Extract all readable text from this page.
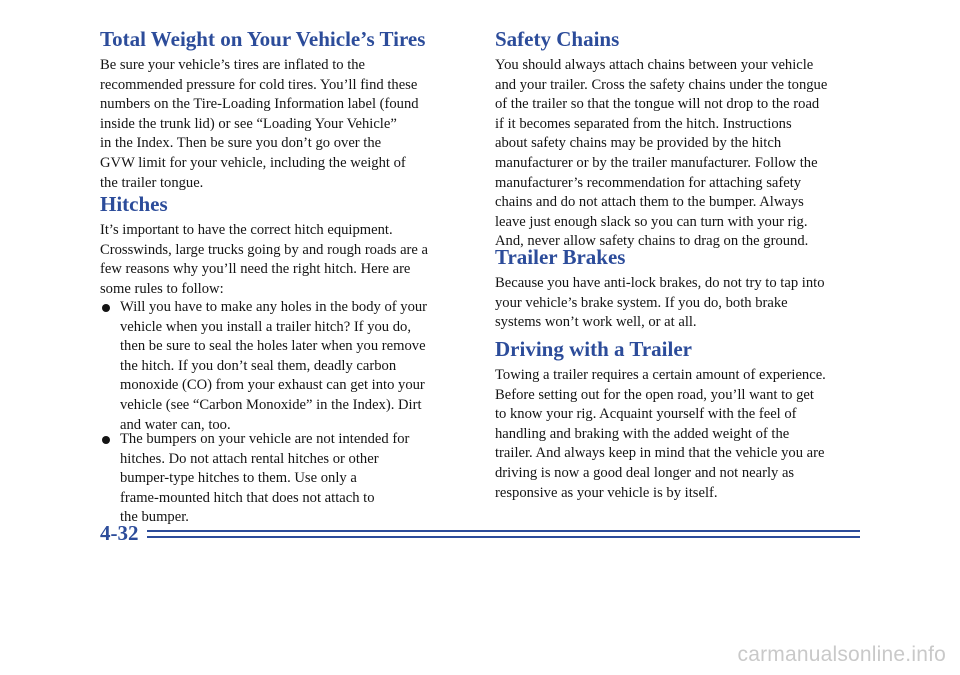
Total Weight on Your Vehicle’s Tires

Be sure your vehicle’s tires are inflated to the

recommended pressure for cold tires. You’ll find these

numbers on the Tire-Loading Information label (found

inside the trunk lid) or see “Loading Your Vehicle”

in the Index. Then be sure you don’t go over the

GVW limit for your vehicle, including the weight of

the trailer tongue.

Hitches

It’s important to have the correct hitch equipment.

Crosswinds, large trucks going by and rough roads are a

few reasons why you’ll need the right hitch. Here are

some rules to follow:

Will you have to make any holes in the body of your

vehicle when you install a trailer hitch? If you do,

then be sure to seal the holes later when you remove

the hitch. If you don’t seal them, deadly carbon

monoxide (CO) from your exhaust can get into your

vehicle (see “Carbon Monoxide” in the Index). Dirt

and water can, too.

The bumpers on your vehicle are not intended for

hitches. Do not attach rental hitches or other

bumper-type hitches to them. Use only a

frame-mounted hitch that does not attach to

the bumper.

Safety Chains

You should always attach chains between your vehicle

and your trailer. Cross the safety chains under the tongue

of the trailer so that the tongue will not drop to the road

if it becomes separated from the hitch. Instructions

about safety chains may be provided by the hitch

manufacturer or by the trailer manufacturer. Follow the

manufacturer’s recommendation for attaching safety

chains and do not attach them to the bumper. Always

leave just enough slack so you can turn with your rig.

And, never allow safety chains to drag on the ground.

Trailer Brakes

Because you have anti-lock brakes, do not try to tap into

your vehicle’s brake system. If you do, both brake

systems won’t work well, or at all.

Driving with a Trailer

Towing a trailer requires a certain amount of experience.

Before setting out for the open road, you’ll want to get

to know your rig. Acquaint yourself with the feel of

handling and braking with the added weight of the

trailer. And always keep in mind that the vehicle you are

driving is now a good deal longer and not nearly as

responsive as your vehicle is by itself.

4-32
carmanualsonline.info
